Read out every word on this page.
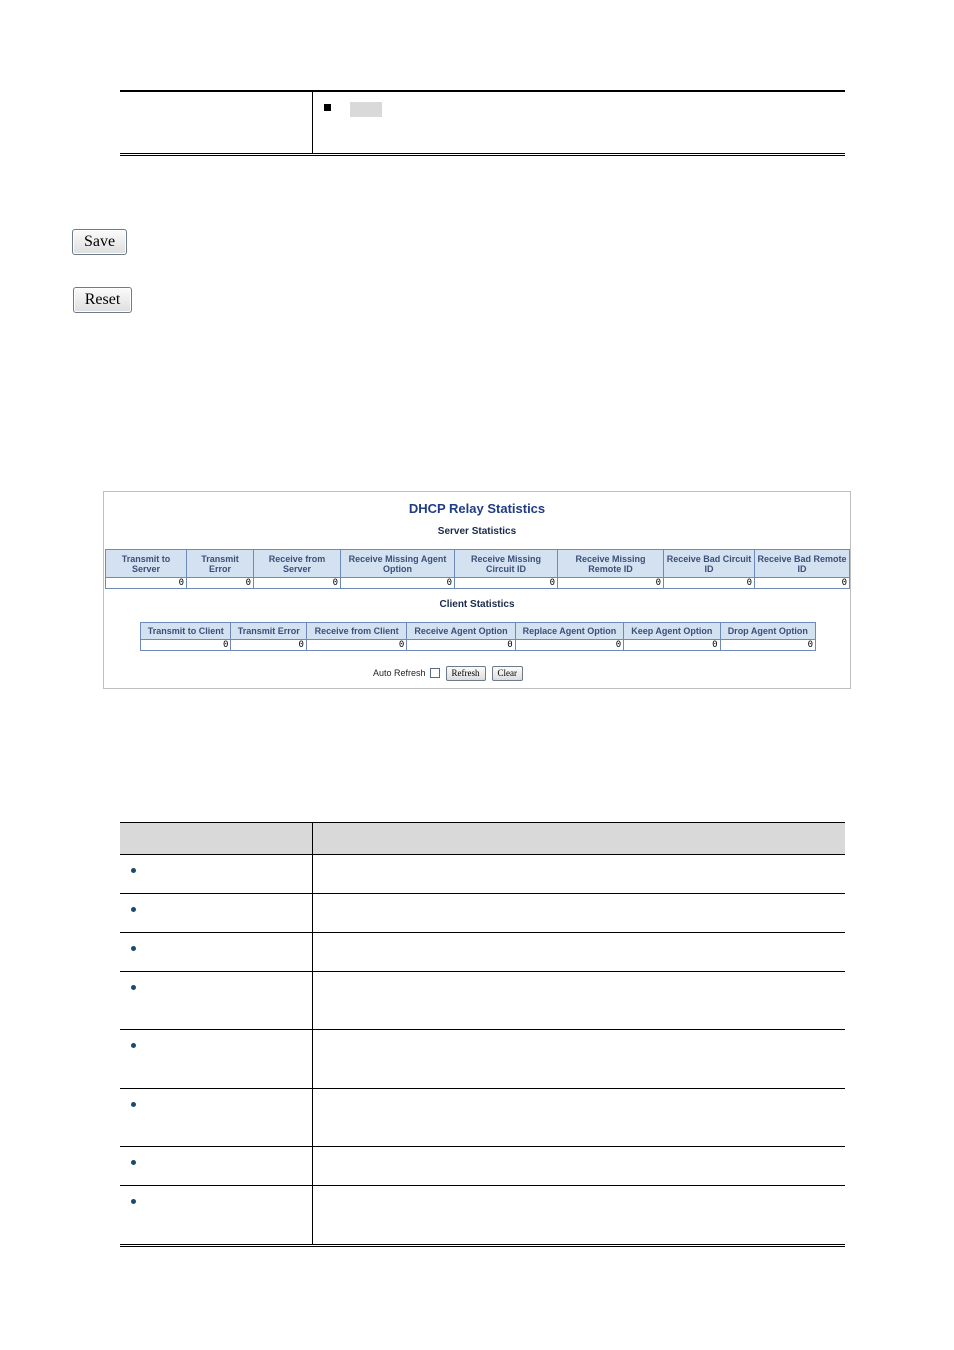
Save
Reset
DHCP Relay Statistics
Server Statistics
Transmit to Server	Transmit Error	Receive from Server	Receive Missing Agent Option	Receive Missing Circuit ID	Receive Missing Remote ID	Receive Bad Circuit ID	Receive Bad Remote ID
0	0	0	0	0	0	0	0
Client Statistics
Transmit to Client	Transmit Error	Receive from Client	Receive Agent Option	Replace Agent Option	Keep Agent Option	Drop Agent Option
0	0	0	0	0	0	0
Auto Refresh	Refresh	Clear
